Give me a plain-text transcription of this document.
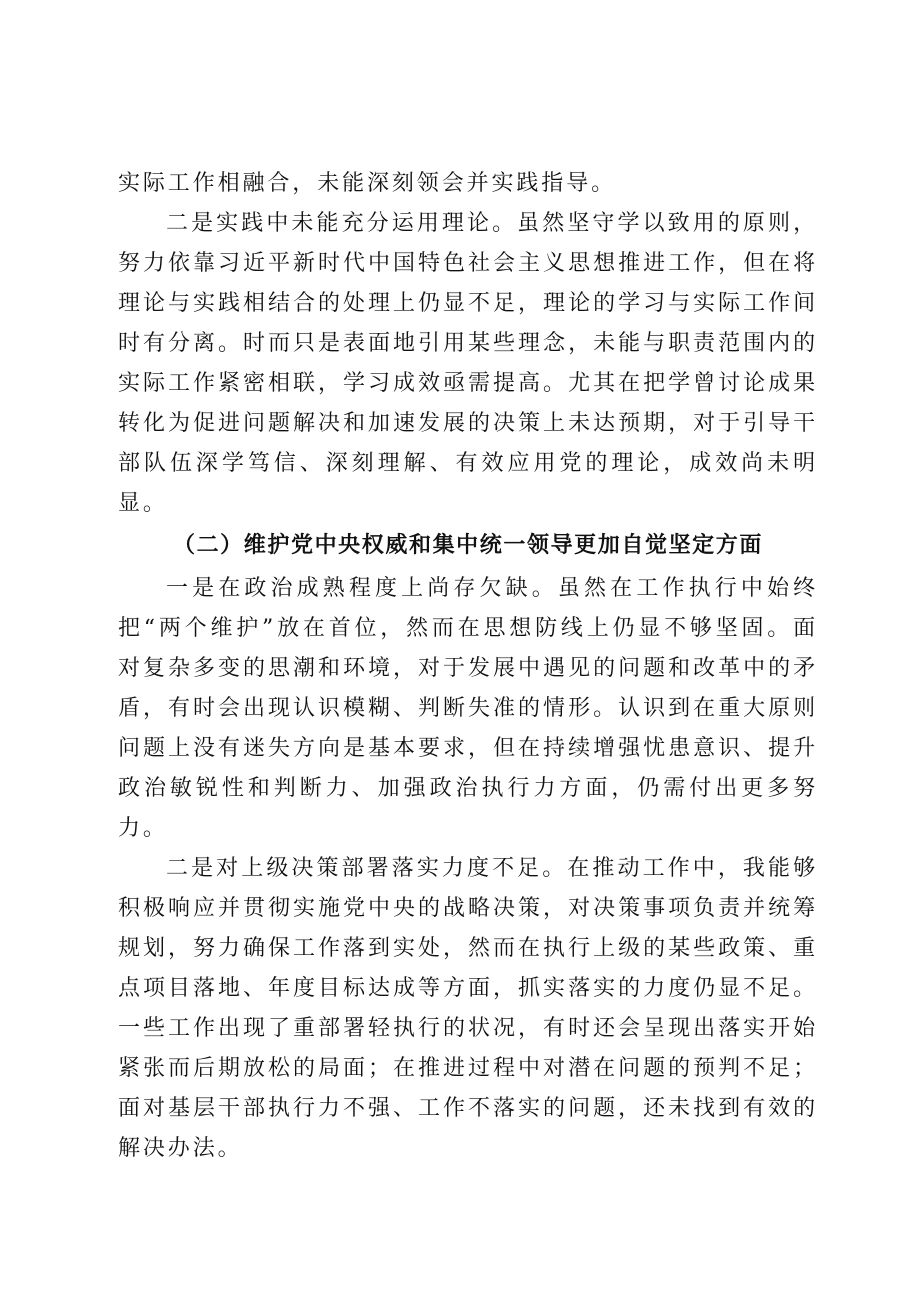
实际工作相融合，未能深刻领会并实践指导。

二是实践中未能充分运用理论。虽然坚守学以致用的原则，努力依靠习近平新时代中国特色社会主义思想推进工作，但在将理论与实践相结合的处理上仍显不足，理论的学习与实际工作间时有分离。时而只是表面地引用某些理念，未能与职责范围内的实际工作紧密相联，学习成效亟需提高。尤其在把学曾讨论成果转化为促进问题解决和加速发展的决策上未达预期，对于引导干部队伍深学笃信、深刻理解、有效应用党的理论，成效尚未明显。

（二）维护党中央权威和集中统一领导更加自觉坚定方面

一是在政治成熟程度上尚存欠缺。虽然在工作执行中始终把“两个维护”放在首位，然而在思想防线上仍显不够坚固。面对复杂多变的思潮和环境，对于发展中遇见的问题和改革中的矛盾，有时会出现认识模糊、判断失准的情形。认识到在重大原则问题上没有迷失方向是基本要求，但在持续增强忧患意识、提升政治敏锐性和判断力、加强政治执行力方面，仍需付出更多努力。

二是对上级决策部署落实力度不足。在推动工作中，我能够积极响应并贯彻实施党中央的战略决策，对决策事项负责并统筹规划，努力确保工作落到实处，然而在执行上级的某些政策、重点项目落地、年度目标达成等方面，抓实落实的力度仍显不足。一些工作出现了重部署轻执行的状况，有时还会呈现出落实开始紧张而后期放松的局面；在推进过程中对潜在问题的预判不足；面对基层干部执行力不强、工作不落实的问题，还未找到有效的解决办法。
